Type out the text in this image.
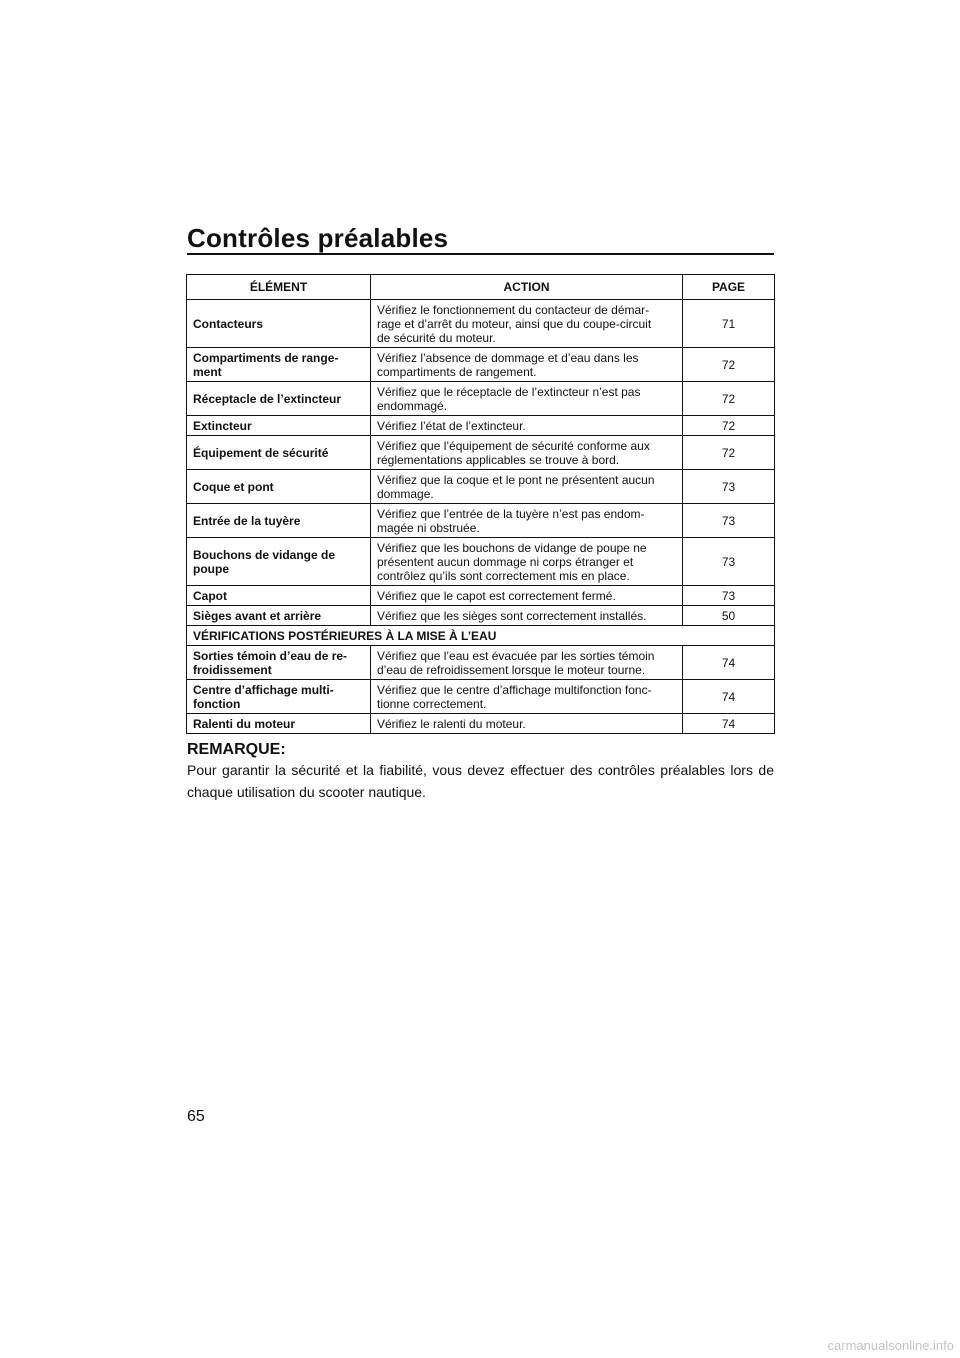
Contrôles préalables
ÉLÉMENT	ACTION	PAGE
Contacteurs	Vérifiez le fonctionnement du contacteur de démar-
rage et d’arrêt du moteur, ainsi que du coupe-circuit
de sécurité du moteur.	71
Compartiments de range-
ment	Vérifiez l’absence de dommage et d’eau dans les
compartiments de rangement.	72
Réceptacle de l’extincteur	Vérifiez que le réceptacle de l’extincteur n’est pas
endommagé.	72
Extincteur	Vérifiez l’état de l’extincteur.	72
Équipement de sécurité	Vérifiez que l’équipement de sécurité conforme aux
réglementations applicables se trouve à bord.	72
Coque et pont	Vérifiez que la coque et le pont ne présentent aucun
dommage.	73
Entrée de la tuyère	Vérifiez que l’entrée de la tuyère n’est pas endom-
magée ni obstruée.	73
Bouchons de vidange de
poupe	Vérifiez que les bouchons de vidange de poupe ne
présentent aucun dommage ni corps étranger et
contrôlez qu’ils sont correctement mis en place.	73
Capot	Vérifiez que le capot est correctement fermé.	73
Sièges avant et arrière	Vérifiez que les sièges sont correctement installés.	50
VÉRIFICATIONS POSTÉRIEURES À LA MISE À L’EAU		
Sorties témoin d’eau de re-
froidissement	Vérifiez que l’eau est évacuée par les sorties témoin
d’eau de refroidissement lorsque le moteur tourne.	74
Centre d’affichage multi-
fonction	Vérifiez que le centre d’affichage multifonction fonc-
tionne correctement.	74
Ralenti du moteur	Vérifiez le ralenti du moteur.	74
REMARQUE:

Pour garantir la sécurité et la fiabilité, vous devez effectuer des contrôles préalables lors de chaque utilisation du scooter nautique.

65

carmanualsonline.info
